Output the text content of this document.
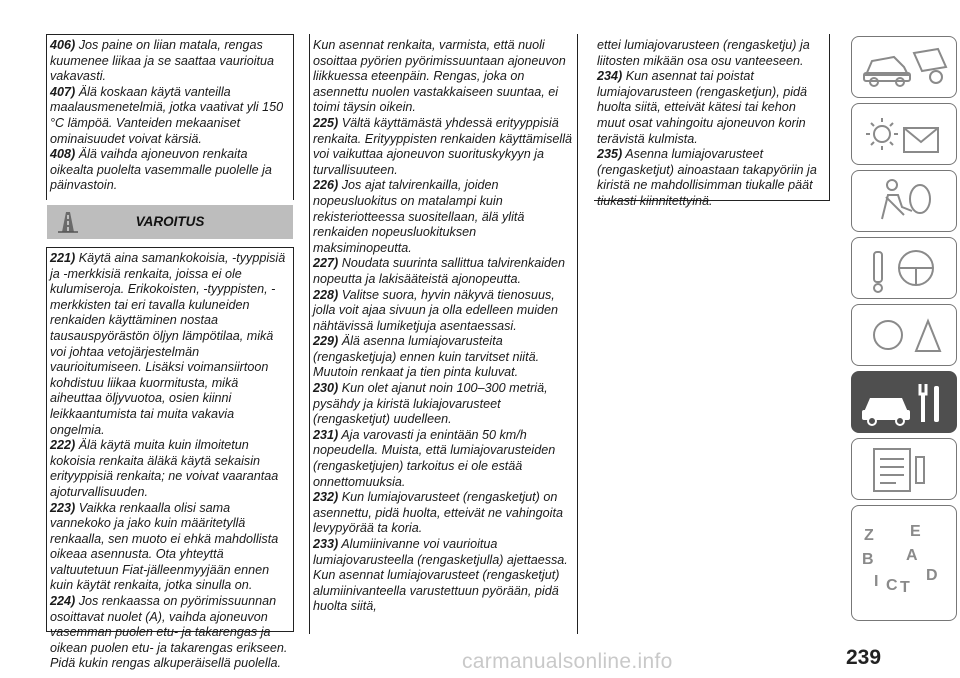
406) Jos paine on liian matala, rengas kuumenee liikaa ja se saattaa vaurioitua vakavasti.

407) Älä koskaan käytä vanteilla maalausmenetelmiä, jotka vaativat yli 150 °C lämpöä. Vanteiden mekaaniset ominaisuudet voivat kärsiä.

408) Älä vaihda ajoneuvon renkaita oikealta puolelta vasemmalle puolelle ja päinvastoin.

VAROITUS

221) Käytä aina samankokoisia, -tyyppisiä ja -merkkisiä renkaita, joissa ei ole kulumiseroja. Erikokoisten, -tyyppisten, -merkkisten tai eri tavalla kuluneiden renkaiden käyttäminen nostaa tausauspyörästön öljyn lämpötilaa, mikä voi johtaa vetojärjestelmän vaurioitumiseen. Lisäksi voimansiirtoon kohdistuu liikaa kuormitusta, mikä aiheuttaa öljyvuotoa, osien kiinni leikkaantumista tai muita vakavia ongelmia.

222) Älä käytä muita kuin ilmoitetun kokoisia renkaita äläkä käytä sekaisin erityyppisiä renkaita; ne voivat vaarantaa ajoturvallisuuden.

223) Vaikka renkaalla olisi sama vannekoko ja jako kuin määritetyllä renkaalla, sen muoto ei ehkä mahdollista oikeaa asennusta. Ota yhteyttä valtuutetuun Fiat-jälleenmyyjään ennen kuin käytät renkaita, jotka sinulla on.

224) Jos renkaassa on pyörimissuunnan osoittavat nuolet (A), vaihda ajoneuvon vasemman puolen etu- ja takarengas ja oikean puolen etu- ja takarengas erikseen. Pidä kukin rengas alkuperäisellä puolella.

Kun asennat renkaita, varmista, että nuoli osoittaa pyörien pyörimissuuntaan ajoneuvon liikkuessa eteenpäin. Rengas, joka on asennettu nuolen vastakkaiseen suuntaa, ei toimi täysin oikein.

225) Vältä käyttämästä yhdessä erityyppisiä renkaita. Erityyppisten renkaiden käyttämisellä voi vaikuttaa ajoneuvon suorituskykyyn ja turvallisuuteen.

226) Jos ajat talvirenkailla, joiden nopeusluokitus on matalampi kuin rekisteriotteessa suositellaan, älä ylitä renkaiden nopeusluokituksen maksiminopeutta.

227) Noudata suurinta sallittua talvirenkaiden nopeutta ja lakisääteistä ajonopeutta.

228) Valitse suora, hyvin näkyvä tienosuus, jolla voit ajaa sivuun ja olla edelleen muiden nähtävissä lumiketjuja asentaessasi.

229) Älä asenna lumiajovarusteita (rengasketjuja) ennen kuin tarvitset niitä. Muutoin renkaat ja tien pinta kuluvat.

230) Kun olet ajanut noin 100–300 metriä, pysähdy ja kiristä lukiajovarusteet (rengasketjut) uudelleen.

231) Aja varovasti ja enintään 50 km/h nopeudella. Muista, että lumiajovarusteiden (rengasketjujen) tarkoitus ei ole estää onnettomuuksia.

232) Kun lumiajovarusteet (rengasketjut) on asennettu, pidä huolta, etteivät ne vahingoita levypyörää ta koria.

233) Alumiinivanne voi vaurioitua lumiajovarusteella (rengasketjulla) ajettaessa. Kun asennat lumiajovarusteet (rengasketjut) alumiinivanteella varustettuun pyörään, pidä huolta siitä,

ettei lumiajovarusteen (rengasketju) ja liitosten mikään osa osu vanteeseen.

234) Kun asennat tai poistat lumiajovarusteen (rengasketjun), pidä huolta siitä, etteivät kätesi tai kehon muut osat vahingoitu ajoneuvon korin terävistä kulmista.

235) Asenna lumiajovarusteet (rengasketjut) ainoastaan takapyöriin ja kiristä ne mahdollisimman tiukalle päät tiukasti kiinnitettyinä.

Z E
B A
I C T
D
239
carmanualsonline.info
